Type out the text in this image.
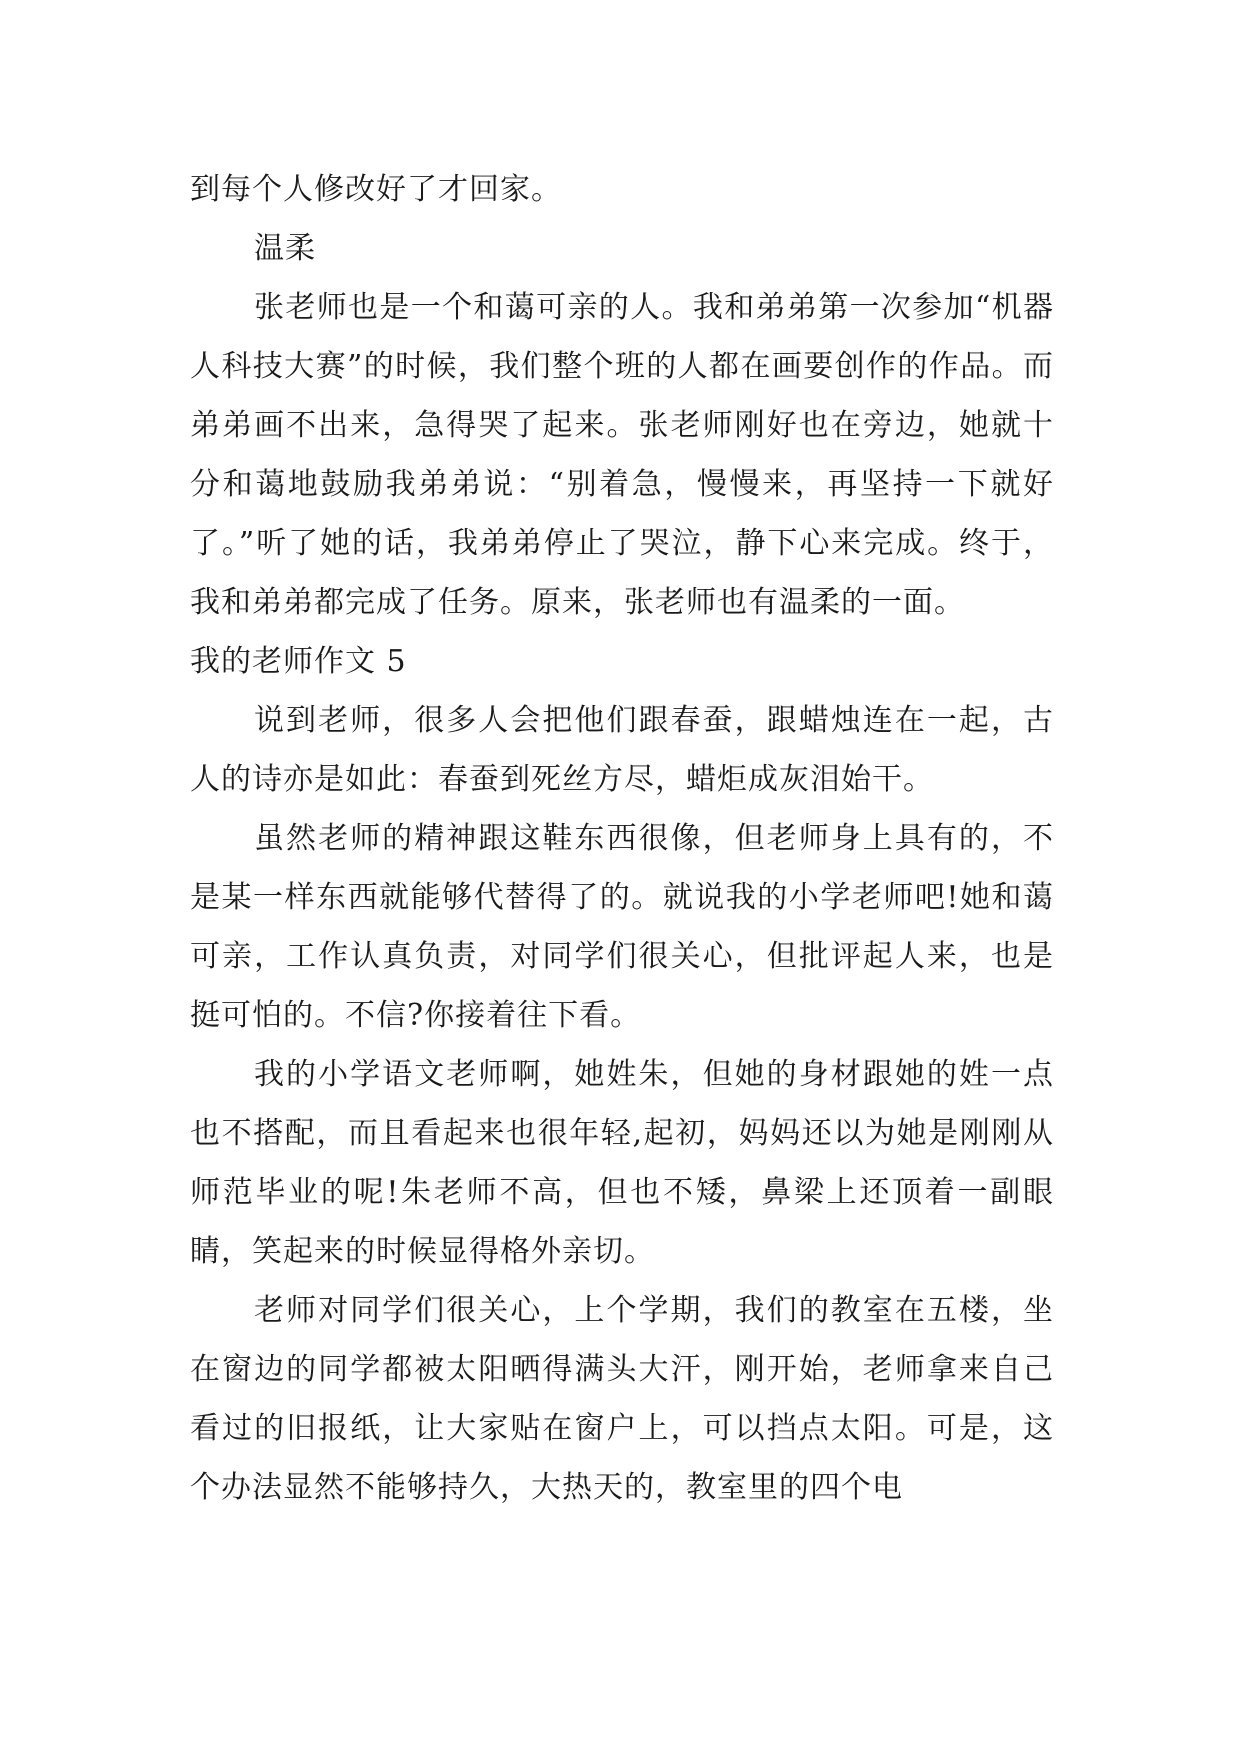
到每个人修改好了才回家。

温柔

张老师也是一个和蔼可亲的人。我和弟弟第一次参加“机器人科技大赛”的时候，我们整个班的人都在画要创作的作品。而弟弟画不出来，急得哭了起来。张老师刚好也在旁边，她就十分和蔼地鼓励我弟弟说：“别着急，慢慢来，再坚持一下就好了。”听了她的话，我弟弟停止了哭泣，静下心来完成。终于，我和弟弟都完成了任务。原来，张老师也有温柔的一面。

我的老师作文 5

说到老师，很多人会把他们跟春蚕，跟蜡烛连在一起，古人的诗亦是如此：春蚕到死丝方尽，蜡炬成灰泪始干。

虽然老师的精神跟这鞋东西很像，但老师身上具有的，不是某一样东西就能够代替得了的。就说我的小学老师吧!她和蔼可亲，工作认真负责，对同学们很关心，但批评起人来，也是挺可怕的。不信?你接着往下看。

我的小学语文老师啊，她姓朱，但她的身材跟她的姓一点也不搭配，而且看起来也很年轻,起初，妈妈还以为她是刚刚从师范毕业的呢!朱老师不高，但也不矮，鼻梁上还顶着一副眼睛，笑起来的时候显得格外亲切。

老师对同学们很关心，上个学期，我们的教室在五楼，坐在窗边的同学都被太阳晒得满头大汗，刚开始，老师拿来自己看过的旧报纸，让大家贴在窗户上，可以挡点太阳。可是，这个办法显然不能够持久，大热天的，教室里的四个电
